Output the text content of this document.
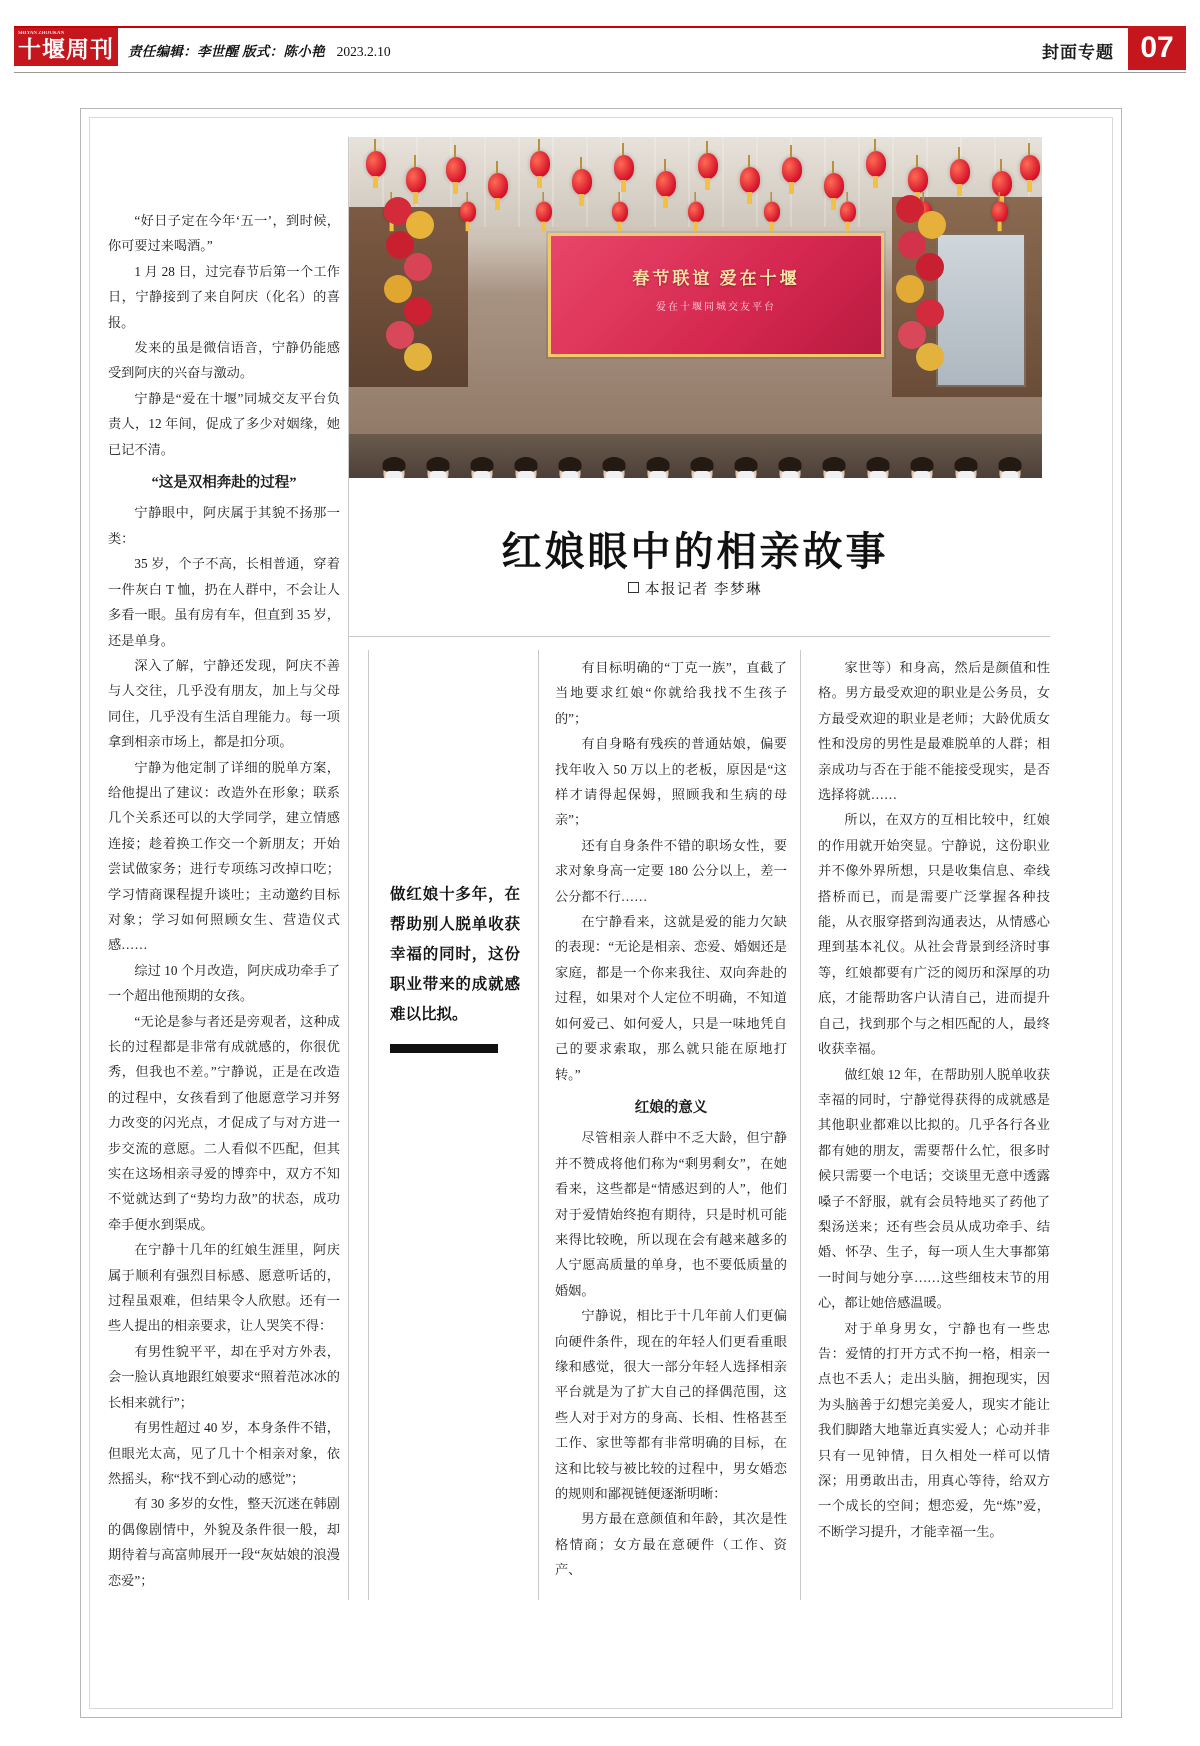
SHIYAN ZHOUKAN
十堰周刊 责任编辑：李世醒 版式：陈小艳 2023.2.10	封面专题 07
春节联谊 爱在十堰
爱在十堰同城交友平台
红娘眼中的相亲故事
本报记者 李梦琳

“好日子定在今年‘五一’，到时候，你可要过来喝酒。”

1 月 28 日，过完春节后第一个工作日，宁静接到了来自阿庆（化名）的喜报。

发来的虽是微信语音，宁静仍能感受到阿庆的兴奋与激动。

宁静是“爱在十堰”同城交友平台负责人，12 年间，促成了多少对姻缘，她已记不清。

“这是双相奔赴的过程”

宁静眼中，阿庆属于其貌不扬那一类：

35 岁，个子不高，长相普通，穿着一件灰白 T 恤，扔在人群中，不会让人多看一眼。虽有房有车，但直到 35 岁，还是单身。

深入了解，宁静还发现，阿庆不善与人交往，几乎没有朋友，加上与父母同住，几乎没有生活自理能力。每一项拿到相亲市场上，都是扣分项。

宁静为他定制了详细的脱单方案，给他提出了建议：改造外在形象；联系几个关系还可以的大学同学，建立情感连接；趁着换工作交一个新朋友；开始尝试做家务；进行专项练习改掉口吃；学习情商课程提升谈吐；主动邀约目标对象；学习如何照顾女生、营造仪式感……

综过 10 个月改造，阿庆成功牵手了一个超出他预期的女孩。

“无论是参与者还是旁观者，这种成长的过程都是非常有成就感的，你很优秀，但我也不差。”宁静说，正是在改造的过程中，女孩看到了他愿意学习并努力改变的闪光点，才促成了与对方进一步交流的意愿。二人看似不匹配，但其实在这场相亲寻爱的博弈中，双方不知不觉就达到了“势均力敌”的状态，成功牵手便水到渠成。

在宁静十几年的红娘生涯里，阿庆属于顺利有强烈目标感、愿意听话的，过程虽艰难，但结果令人欣慰。还有一些人提出的相亲要求，让人哭笑不得：

有男性貌平平，却在乎对方外表，会一脸认真地跟红娘要求“照着范冰冰的长相来就行”；

有男性超过 40 岁，本身条件不错，但眼光太高，见了几十个相亲对象，依然摇头，称“找不到心动的感觉”；

有 30 多岁的女性，整天沉迷在韩剧的偶像剧情中，外貌及条件很一般，却期待着与高富帅展开一段“灰姑娘的浪漫恋爱”；

有目标明确的“丁克一族”，直截了当地要求红娘“你就给我找不生孩子的”；

有自身略有残疾的普通姑娘，偏要找年收入 50 万以上的老板，原因是“这样才请得起保姆，照顾我和生病的母亲”；

还有自身条件不错的职场女性，要求对象身高一定要 180 公分以上，差一公分都不行……

在宁静看来，这就是爱的能力欠缺的表现：“无论是相亲、恋爱、婚姻还是家庭，都是一个你来我往、双向奔赴的过程，如果对个人定位不明确，不知道如何爱己、如何爱人，只是一味地凭自己的要求索取，那么就只能在原地打转。”

红娘的意义

尽管相亲人群中不乏大龄，但宁静并不赞成将他们称为“剩男剩女”，在她看来，这些都是“情感迟到的人”，他们对于爱情始终抱有期待，只是时机可能来得比较晚，所以现在会有越来越多的人宁愿高质量的单身，也不要低质量的婚姻。

宁静说，相比于十几年前人们更偏向硬件条件，现在的年轻人们更看重眼缘和感觉，很大一部分年轻人选择相亲平台就是为了扩大自己的择偶范围，这些人对于对方的身高、长相、性格甚至工作、家世等都有非常明确的目标，在这和比较与被比较的过程中，男女婚恋的规则和鄙视链便逐渐明晰：

男方最在意颜值和年龄，其次是性格情商；女方最在意硬件（工作、资产、

家世等）和身高，然后是颜值和性格。男方最受欢迎的职业是公务员，女方最受欢迎的职业是老师；大龄优质女性和没房的男性是最难脱单的人群；相亲成功与否在于能不能接受现实，是否选择将就……

所以，在双方的互相比较中，红娘的作用就开始突显。宁静说，这份职业并不像外界所想，只是收集信息、牵线搭桥而已，而是需要广泛掌握各种技能，从衣服穿搭到沟通表达，从情感心理到基本礼仪。从社会背景到经济时事等，红娘都要有广泛的阅历和深厚的功底，才能帮助客户认清自己，进而提升自己，找到那个与之相匹配的人，最终收获幸福。

做红娘 12 年，在帮助别人脱单收获幸福的同时，宁静觉得获得的成就感是其他职业都难以比拟的。几乎各行各业都有她的朋友，需要帮什么忙，很多时候只需要一个电话；交谈里无意中透露嗓子不舒服，就有会员特地买了药他了梨汤送来；还有些会员从成功牵手、结婚、怀孕、生子，每一项人生大事都第一时间与她分享……这些细枝末节的用心，都让她倍感温暖。

对于单身男女，宁静也有一些忠告：爱情的打开方式不拘一格，相亲一点也不丢人；走出头脑，拥抱现实，因为头脑善于幻想完美爱人，现实才能让我们脚踏大地靠近真实爱人；心动并非只有一见钟情，日久相处一样可以情深；用勇敢出击，用真心等待，给双方一个成长的空间；想恋爱，先“炼”爱，不断学习提升，才能幸福一生。

做红娘十多年，在帮助别人脱单收获幸福的同时，这份职业带来的成就感难以比拟。
